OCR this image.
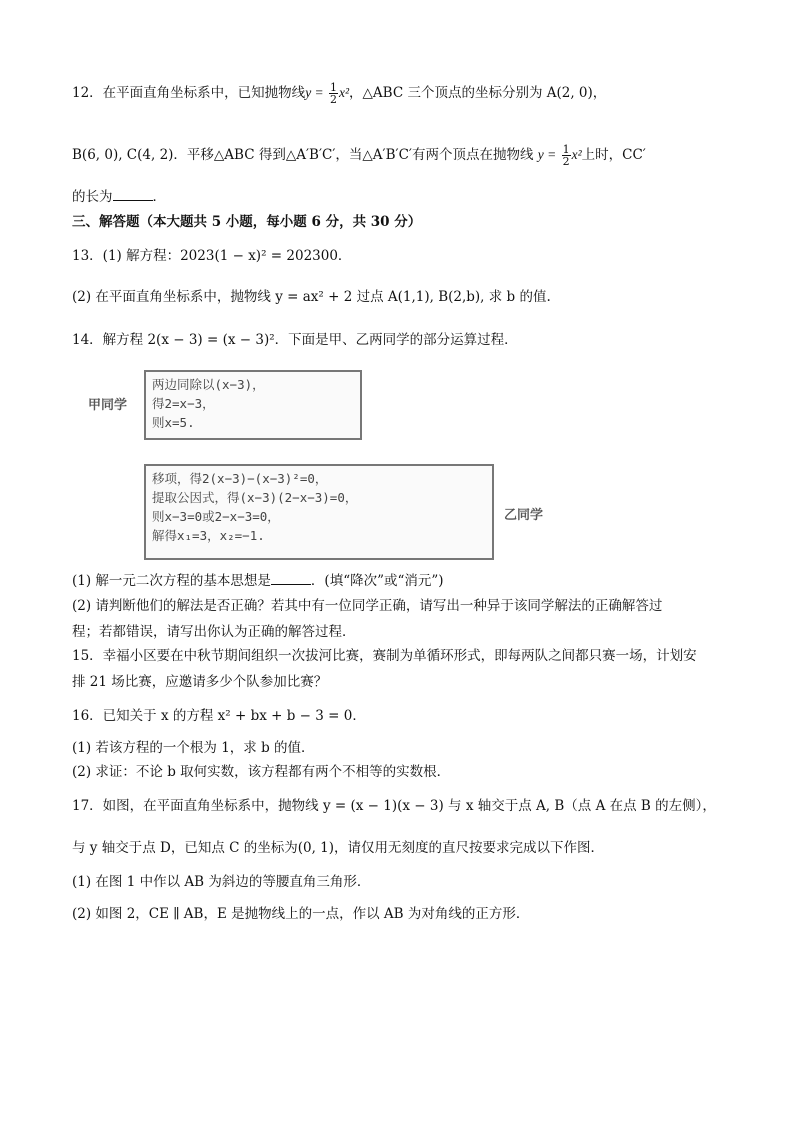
12．在平面直角坐标系中，已知抛物线$y = \frac{1}{2} x^2$，△ABC 三个顶点的坐标分别为 A(2, 0)，
B(6, 0), C(4, 2)．平移△ABC 得到△A′B′C′，当△A′B′C′有两个顶点在抛物线 $y = \frac{1}{2} x^2$上时，CC′
的长为	．
三、解答题（本大题共 5 小题，每小题 6 分，共 30 分）
13．(1) 解方程：2023(1 − x)² = 202300．
(2) 在平面直角坐标系中，抛物线 y = ax² + 2 过点 A(1,1), B(2,b), 求 b 的值.
14．解方程 2(x − 3) = (x − 3)²．下面是甲、乙两同学的部分运算过程．
甲同学
两边同除以(x−3)，
得2=x−3，
则x=5.
移项，得2(x−3)−(x−3)²=0，
提取公因式，得(x−3)(2−x−3)=0，
则x−3=0或2−x−3=0，
解得x₁=3，x₂=−1.
乙同学
(1) 解一元二次方程的基本思想是	．(填“降次”或“消元”)
(2) 请判断他们的解法是否正确？若其中有一位同学正确，请写出一种异于该同学解法的正确解答过
程；若都错误，请写出你认为正确的解答过程．
15．幸福小区要在中秋节期间组织一次拔河比赛，赛制为单循环形式，即每两队之间都只赛一场，计划安
排 21 场比赛，应邀请多少个队参加比赛？
16．已知关于 x 的方程 x² + bx + b − 3 = 0．
(1) 若该方程的一个根为 1，求 b 的值．
(2) 求证：不论 b 取何实数，该方程都有两个不相等的实数根．
17．如图，在平面直角坐标系中，抛物线 y = (x − 1)(x − 3) 与 x 轴交于点 A, B（点 A 在点 B 的左侧），
与 y 轴交于点 D，已知点 C 的坐标为(0, 1)，请仅用无刻度的直尺按要求完成以下作图．
(1) 在图 1 中作以 AB 为斜边的等腰直角三角形．
(2) 如图 2，CE ∥ AB，E 是抛物线上的一点，作以 AB 为对角线的正方形．
